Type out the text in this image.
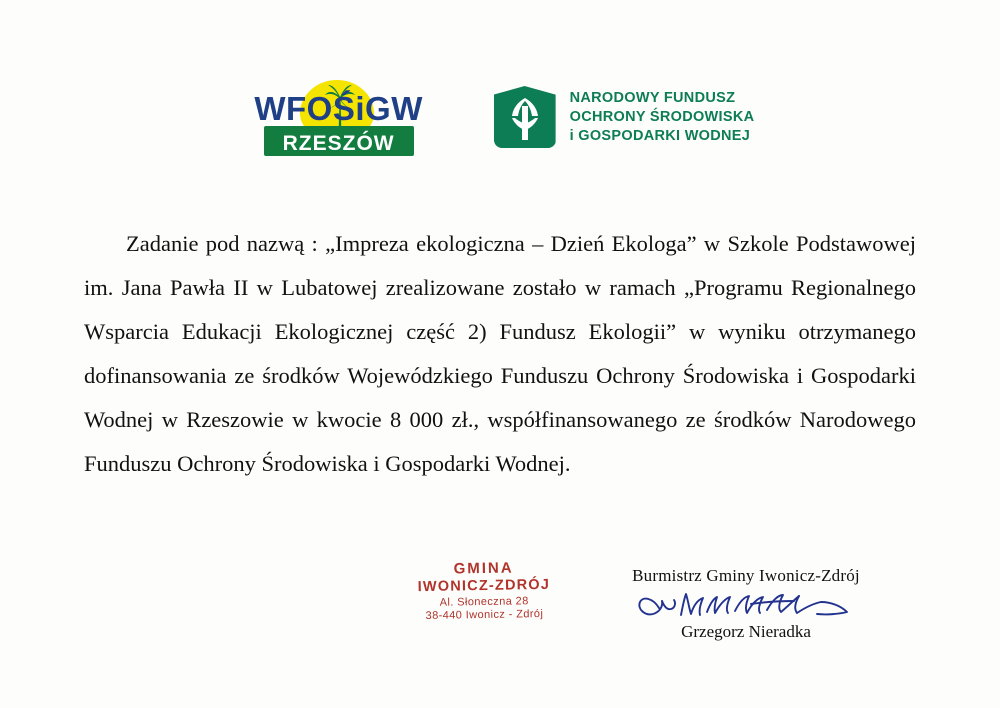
WFOŚiGW
RZESZÓW
NARODOWY FUNDUSZ
OCHRONY ŚRODOWISKA
i GOSPODARKI WODNEJ
Zadanie pod nazwą : „Impreza ekologiczna – Dzień Ekologa” w Szkole Podstawowej im. Jana Pawła II w Lubatowej zrealizowane zostało w ramach „Programu Regionalnego Wsparcia Edukacji Ekologicznej część 2) Fundusz Ekologii” w wyniku otrzymanego dofinansowania ze środków Wojewódzkiego Funduszu Ochrony Środowiska i Gospodarki Wodnej w Rzeszowie w kwocie 8 000 zł., współfinansowanego ze środków Narodowego Funduszu Ochrony Środowiska i Gospodarki Wodnej.
GMINA
IWONICZ-ZDRÓJ
Al. Słoneczna 28
38-440 Iwonicz - Zdrój
Burmistrz Gminy Iwonicz-Zdrój
Grzegorz Nieradka
